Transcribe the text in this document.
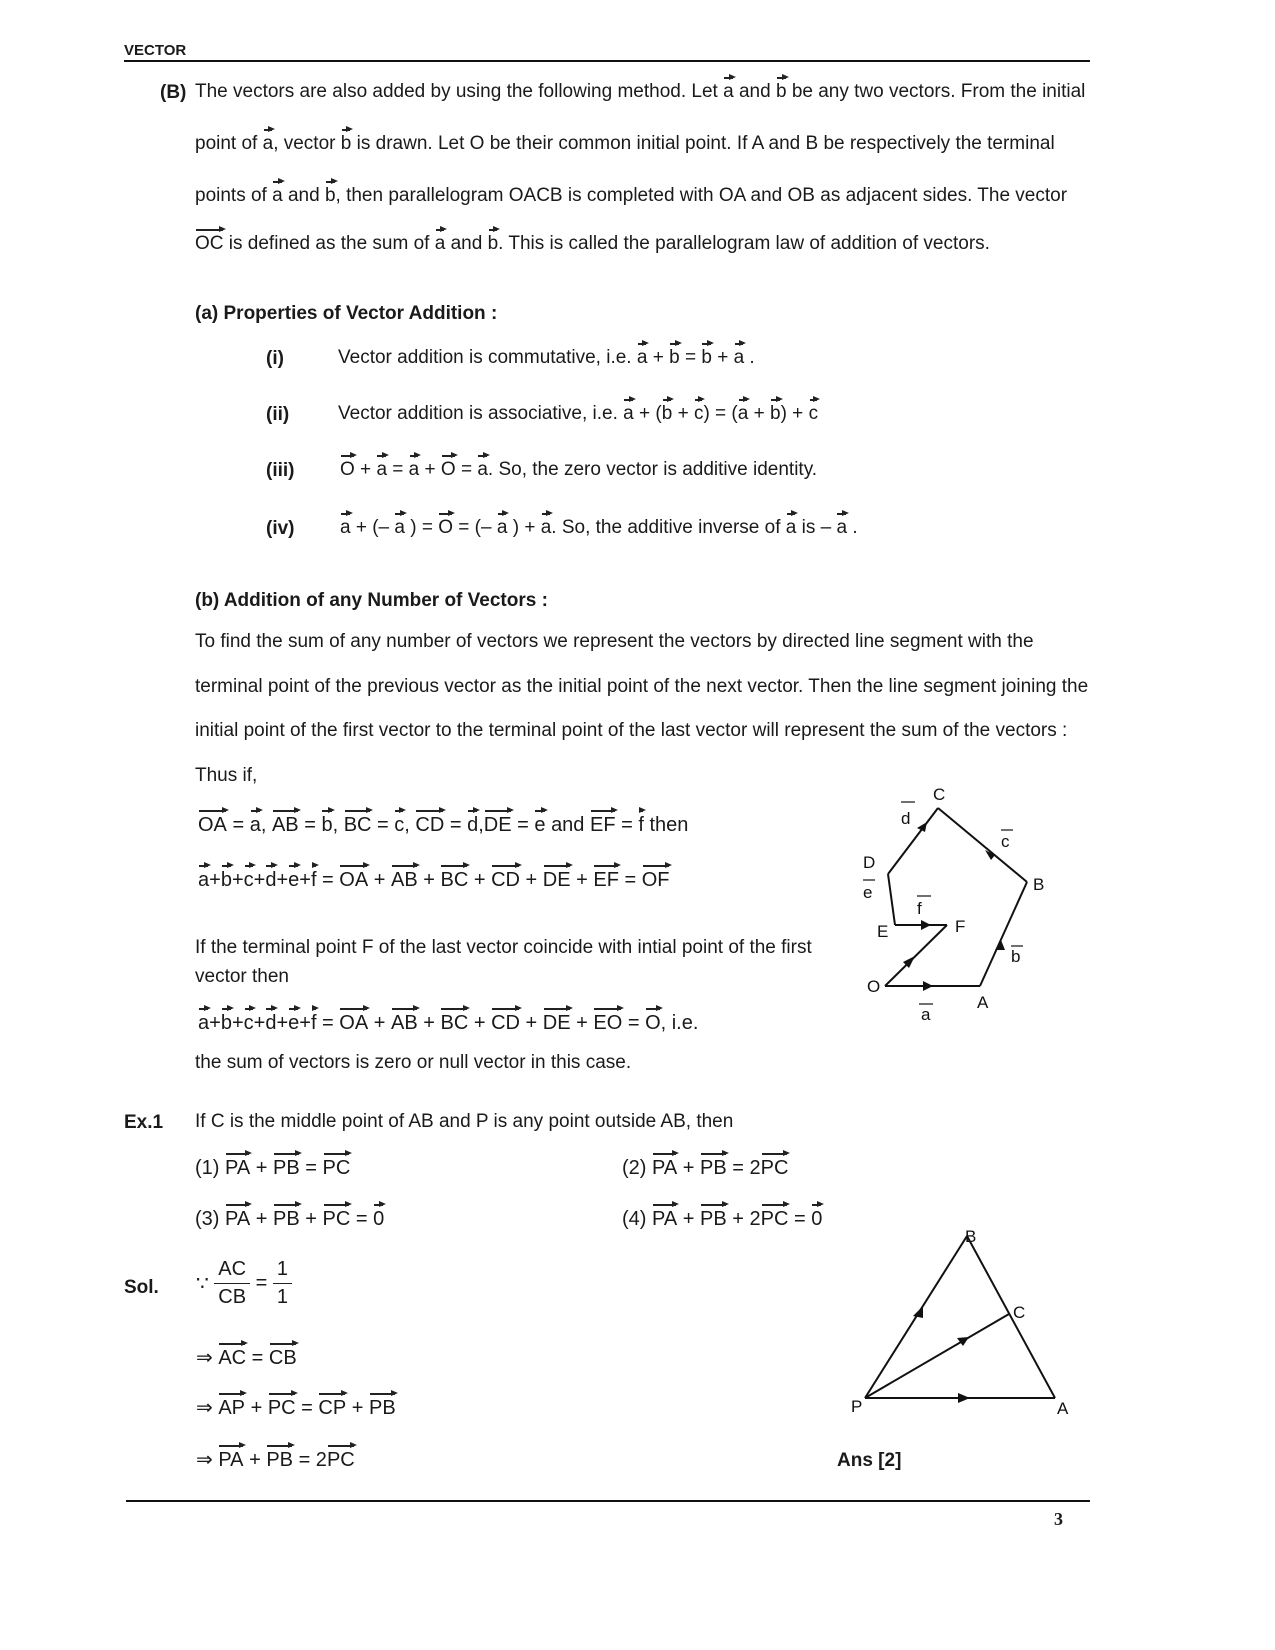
VECTOR
(B) The vectors are also added by using the following method. Let a and b be any two vectors. From the initial
point of a, vector b is drawn. Let O be their common initial point. If A and B be respectively the terminal
points of a and b, then parallelogram OACB is completed with OA and OB as adjacent sides. The vector
OC is defined as the sum of a and b. This is called the parallelogram law of addition of vectors.
(a) Properties of Vector Addition :
(i)	Vector addition is commutative, i.e. a + b = b + a .
(ii)	Vector addition is associative, i.e. a + (b + c) = (a + b) + c
(iii) O + a = a + O = a. So, the zero vector is additive identity.
(iv) a + (– a ) = O = (– a ) + a. So, the additive inverse of a is – a .
(b) Addition of any Number of Vectors :
To find the sum of any number of vectors we represent the vectors by directed line segment with the
terminal point of the previous vector as the initial point of the next vector. Then the line segment joining the
initial point of the first vector to the terminal point of the last vector will represent the sum of the vectors :
Thus if,
OA = a, AB = b, BC = c, CD = d,DE = e and EF = f then
a+b+c+d+e+f = OA + AB + BC + CD + DE + EF = OF
If the terminal point F of the last vector coincide with intial point of the first
vector then
a+b+c+d+e+f = OA + AB + BC + CD + DE + EO = O, i.e.
the sum of vectors is zero or null vector in this case.
O
A
B
C
D
E	F
a
b
c
d
e
f
Ex.1 If C is the middle point of AB and P is any point outside AB, then
(1) PA + PB = PC	(2) PA + PB = 2PC
(3) PA + PB + PC = 0	(4) PA + PB + 2PC = 0
Sol. ∵ $\frac{AC}{CB} = \frac{1}{1}$
⇒ AC = CB
⇒ AP + PC = CP + PB
⇒ PA + PB = 2PC	Ans [2]
P	A
B
C
3
